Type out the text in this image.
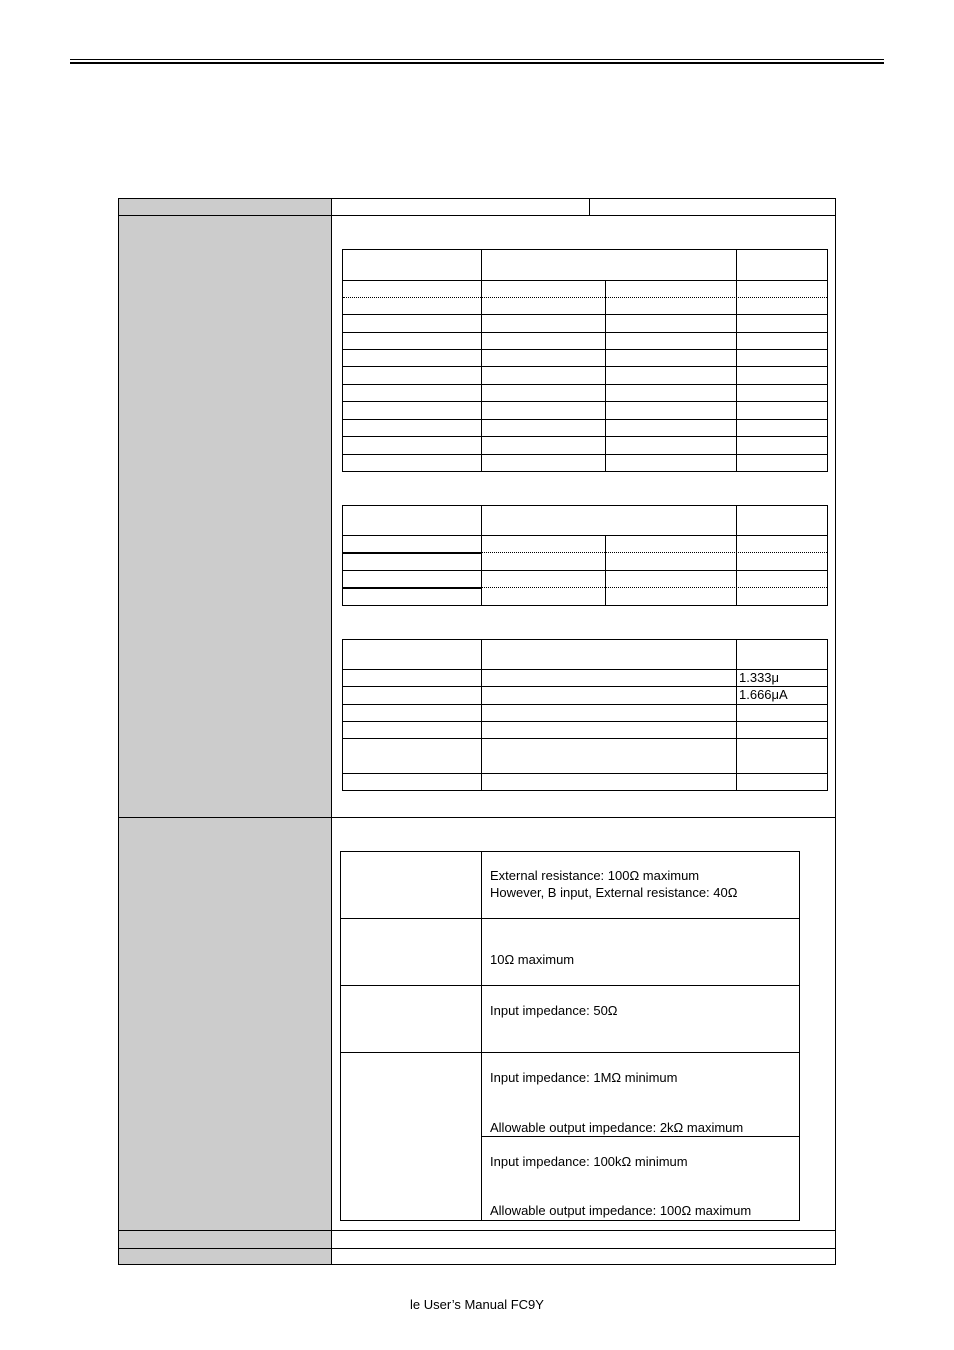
1.333μ
1.666μA
External resistance: 100Ω maximum
However, B input, External resistance: 40Ω
10Ω maximum
Input impedance: 50Ω
Input impedance: 1MΩ minimum
Allowable output impedance: 2kΩ maximum
Input impedance: 100kΩ minimum
Allowable output impedance: 100Ω maximum
le User’s Manual FC9Y
